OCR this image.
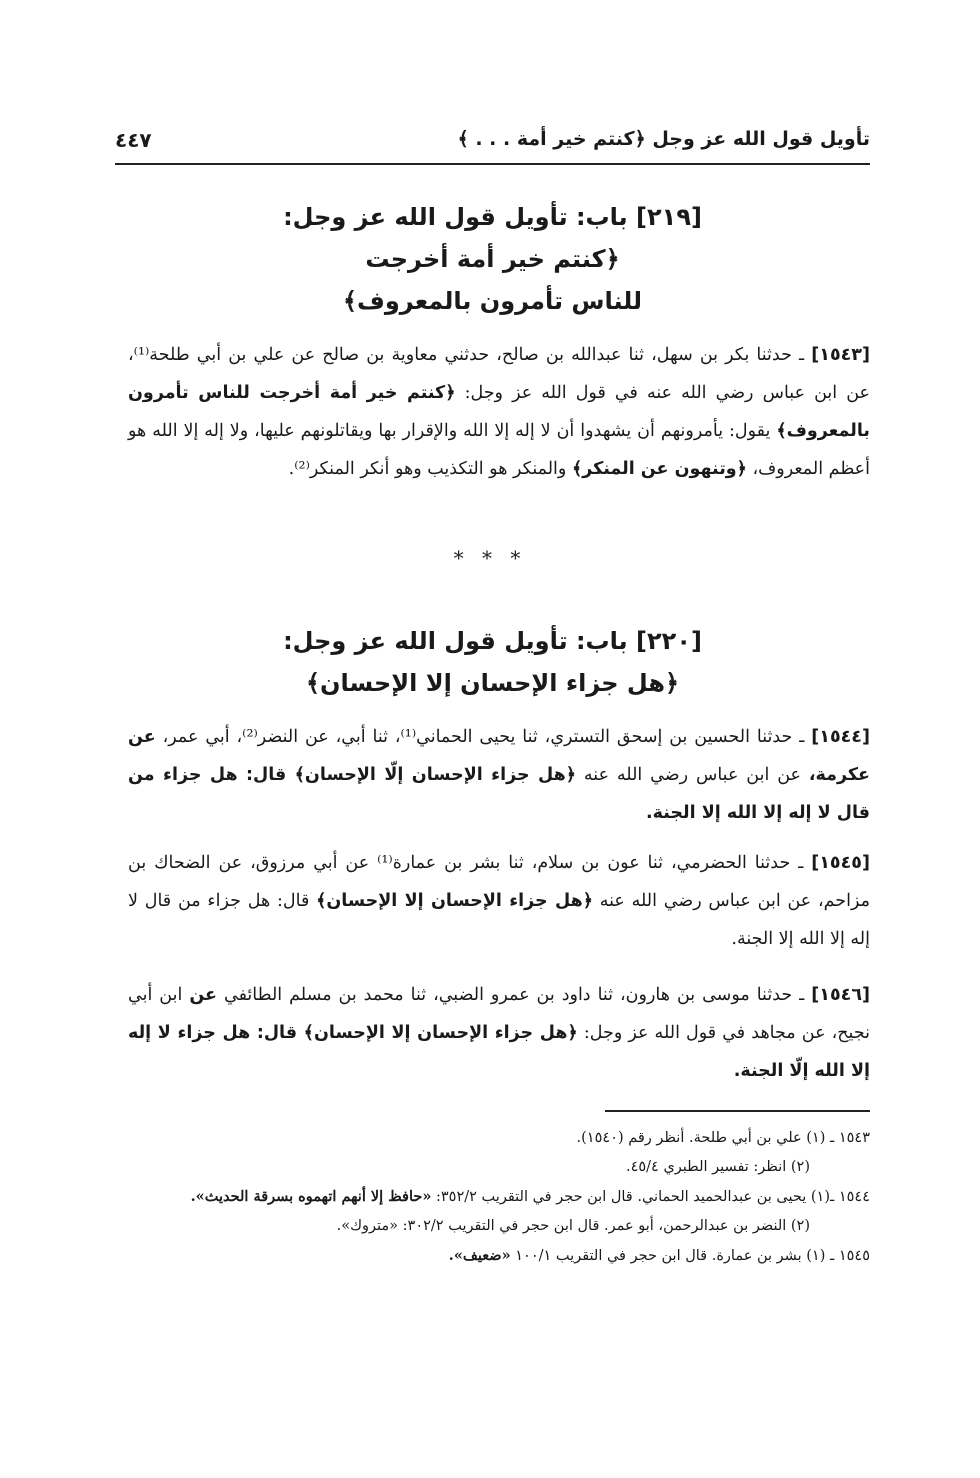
تأويل قول الله عز وجل ﴿كنتم خير أمة . . . ﴾
٤٤٧
[٢١٩] باب: تأويل قول الله عز وجل:
﴿كنتم خير أمة أخرجت
للناس تأمرون بالمعروف﴾
[١٥٤٣] ـ حدثنا بكر بن سهل، ثنا عبدالله بن صالح، حدثني معاوية بن صالح عن علي بن أبي طلحة⁽¹⁾، عن ابن عباس رضي الله عنه في قول الله عز وجل: ﴿كنتم خير أمة أخرجت للناس تأمرون بالمعروف﴾ يقول: يأمرونهم أن يشهدوا أن لا إله إلا الله والإقرار بها ويقاتلونهم عليها، ولا إله إلا الله هو أعظم المعروف، ﴿وتنهون عن المنكر﴾ والمنكر هو التكذيب وهو أنكر المنكر⁽²⁾.
* * *
[٢٢٠] باب: تأويل قول الله عز وجل:
﴿هل جزاء الإحسان إلا الإحسان﴾
[١٥٤٤] ـ حدثنا الحسين بن إسحق التستري، ثنا يحيى الحماني⁽¹⁾، ثنا أبي، عن النضر⁽²⁾، أبي عمر، عن عكرمة، عن ابن عباس رضي الله عنه ﴿هل جزاء الإحسان إلّا الإحسان﴾ قال: هل جزاء من قال لا إله إلا الله إلا الجنة.
[١٥٤٥] ـ حدثنا الحضرمي، ثنا عون بن سلام، ثنا بشر بن عمارة⁽¹⁾ عن أبي مرزوق، عن الضحاك بن مزاحم، عن ابن عباس رضي الله عنه ﴿هل جزاء الإحسان إلا الإحسان﴾ قال: هل جزاء من قال لا إله إلا الله إلا الجنة.
[١٥٤٦] ـ حدثنا موسى بن هارون، ثنا داود بن عمرو الضبي، ثنا محمد بن مسلم الطائفي عن ابن أبي نجيح، عن مجاهد في قول الله عز وجل: ﴿هل جزاء الإحسان إلا الإحسان﴾ قال: هل جزاء لا إله إلا الله إلّا الجنة.
١٥٤٣ ـ (١) علي بن أبي طلحة. أنظر رقم (١٥٤٠).
(٢) انظر: تفسير الطبري ٤٥/٤.
١٥٤٤ ـ(١) يحيى بن عبدالحميد الحماني. قال ابن حجر في التقريب ٣٥٢/٢: «حافظ إلا أنهم اتهموه بسرقة الحديث».
(٢) النضر بن عبدالرحمن، أبو عمر. قال ابن حجر في التقريب ٣٠٢/٢: «متروك».
١٥٤٥ ـ (١) بشر بن عمارة. قال ابن حجر في التقريب ١٠٠/١ «ضعيف».
